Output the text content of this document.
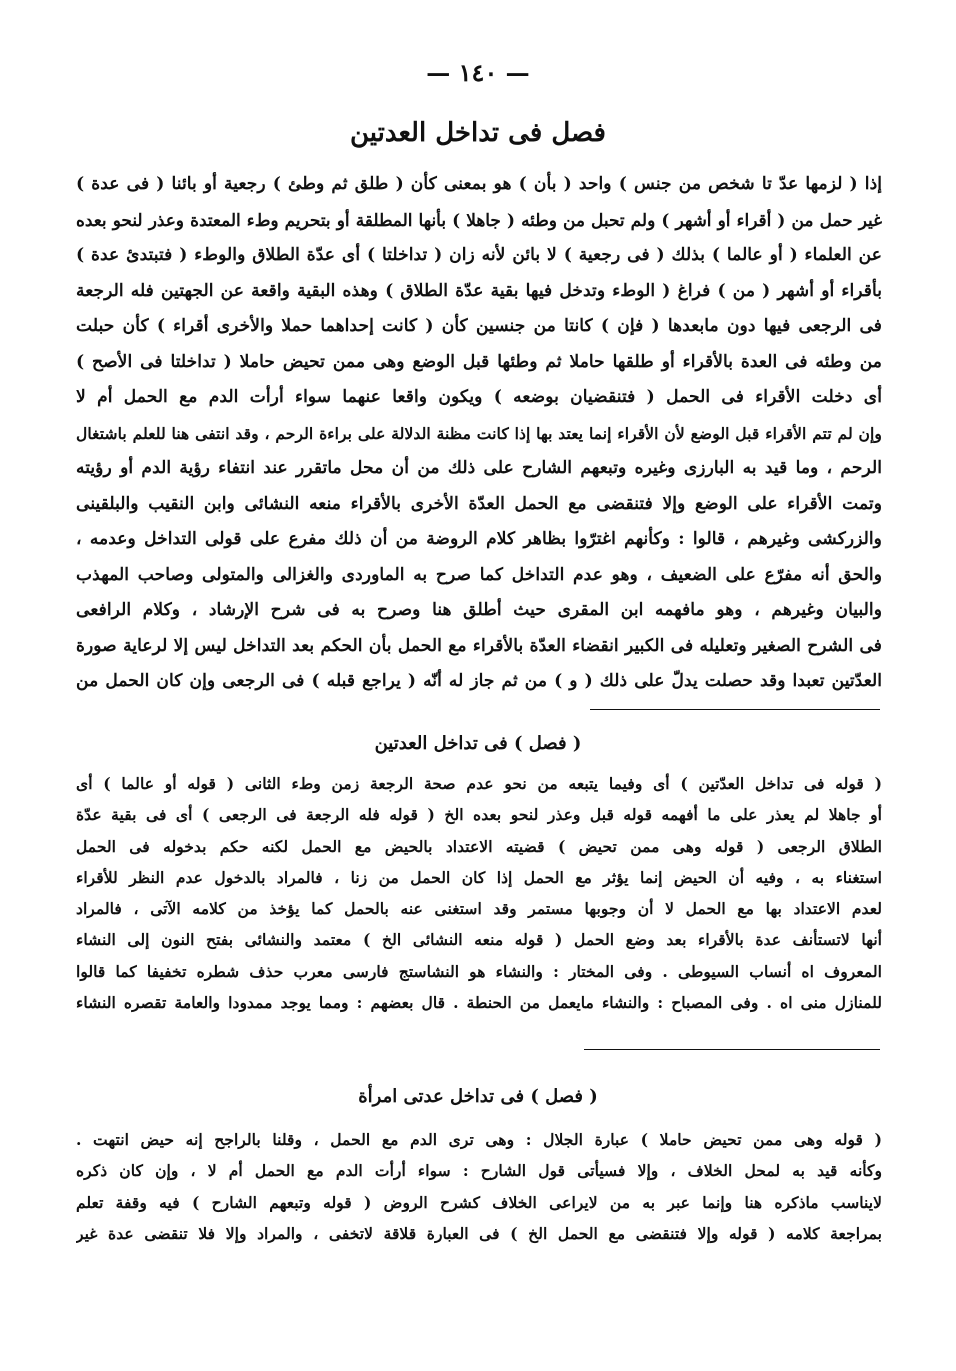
— ١٤٠ —
فصل فى تداخل العدتين
إذا ( لزمها عدّ تا شخص من جنس ) واحد ( بأن ) هو بمعنى كأن ( طلق ثم وطئ ) رجعية أو بائنا ( فى عدة )
غير حمل من ( أقراء أو أشهر ) ولم تحبل من وطئه ( جاهلا ) بأنها المطلقة أو بتحريم وطء المعتدة وعذر لنحو بعده
عن العلماء ( أو عالما ) بذلك ( فى رجعية ) لا بائن لأنه زان ( تداخلتا ) أى عدّة الطلاق والوطء ( فتبتدئ عدة )
بأقراء أو أشهر ( من ) فراغ ( الوطء وتدخل فيها بقية عدّة الطلاق ) وهذه البقية واقعة عن الجهتين فله الرجعة
فى الرجعى فيها دون مابعدها ( فإن ) كانتا من جنسين كأن ( كانت إحداهما حملا والأخرى أقراء ) كأن حبلت
من وطئه فى العدة بالأقراء أو طلقها حاملا ثم وطئها قبل الوضع وهى ممن تحيض حاملا ( تداخلتا فى الأصح )
أى دخلت الأقراء فى الحمل ( فتنقضيان بوضعه ) ويكون واقعا عنهما سواء أرأت الدم مع الحمل أم لا
وإن لم تتم الأقراء قبل الوضع لأن الأقراء إنما يعتد بها إذا كانت مظنة الدلالة على براءة الرحم ، وقد انتفى هنا للعلم باشتغال
الرحم ، وما قيد به البارزى وغيره وتبعهم الشارح على ذلك من أن محل ماتقرر عند انتفاء رؤية الدم أو رؤيته
وتمت الأقراء على الوضع وإلا فتنقضى مع الحمل العدّة الأخرى بالأقراء منعه النشائى وابن النقيب والبلقينى
والزركشى وغيرهم ، قالوا : وكأنهم اغترّوا بظاهر كلام الروضة من أن ذلك مفرع على قولى التداخل وعدمه ،
والحق أنه مفرّع على الضعيف ، وهو عدم التداخل كما صرح به الماوردى والغزالى والمتولى وصاحب المهذب
والبيان وغيرهم ، وهو مافهمه ابن المقرى حيث أطلق هنا وصرح به فى شرح الإرشاد ، وكلام الرافعى
فى الشرح الصغير وتعليله فى الكبير انقضاء العدّة بالأقراء مع الحمل بأن الحكم بعد التداخل ليس إلا لرعاية صورة
العدّتين تعبدا وقد حصلت يدلّ على ذلك ( و ) من ثم جاز له أنّه ( يراجع قبله ) فى الرجعى وإن كان الحمل من
( فصل ) فى تداخل العدتين
( قوله فى تداخل العدّتين ) أى وفيما يتبعه من نحو عدم صحة الرجعة زمن وطء الثانى ( قوله أو عالما ) أى
أو جاهلا لم يعذر على ما أفهمه قوله قبل وعذر لنحو بعده الخ ( قوله فله الرجعة فى الرجعى ) أى فى بقية عدّة
الطلاق الرجعى ( قوله وهى ممن تحيض ) قضيته الاعتداد بالحيض مع الحمل لكنه حكم بدخوله فى الحمل
استغناء به ، وفيه أن الحيض إنما يؤثر مع الحمل إذا كان الحمل من زنا ، فالمراد بالدخول عدم النظر للأقراء
لعدم الاعتداد بها مع الحمل لا أن وجوبها مستمر وقد استغنى عنه بالحمل كما يؤخذ من كلامه الآتى ، فالمراد
أنها لاتستأنف عدة بالأقراء بعد وضع الحمل ( قوله منعه النشائى الخ ) معتمد والنشائى بفتح النون إلى النشاء
المعروف اه أنساب السيوطى . وفى المختار : والنشاء هو النشاستج فارسى معرب حذف شطره تخفيفا كما قالوا
للمنازل منى اه . وفى المصباح : والنشاء مايعمل من الحنطة . قال بعضهم : ومما يوجد ممدودا والعامة تقصره النشاء
( فصل ) فى تداخل عدتى امرأة
( قوله وهى ممن تحيض حاملا ) عبارة الجلال : وهى ترى الدم مع الحمل ، وقلنا بالراجح إنه حيض انتهت .
وكأنه قيد به لمحل الخلاف ، وإلا فسيأتى قول الشارح : سواء أرأت الدم مع الحمل أم لا ، وإن كان ذكره
لايناسب ماذكره هنا وإنما عبر به من لايراعى الخلاف كشرح الروض ( قوله وتبعهم الشارح ) فيه وقفة تعلم
بمراجعة كلامه ( قوله وإلا فتنقضى مع الحمل الخ ) فى العبارة قلاقة لاتخفى ، والمراد وإلا فلا تنقضى عدة غير
